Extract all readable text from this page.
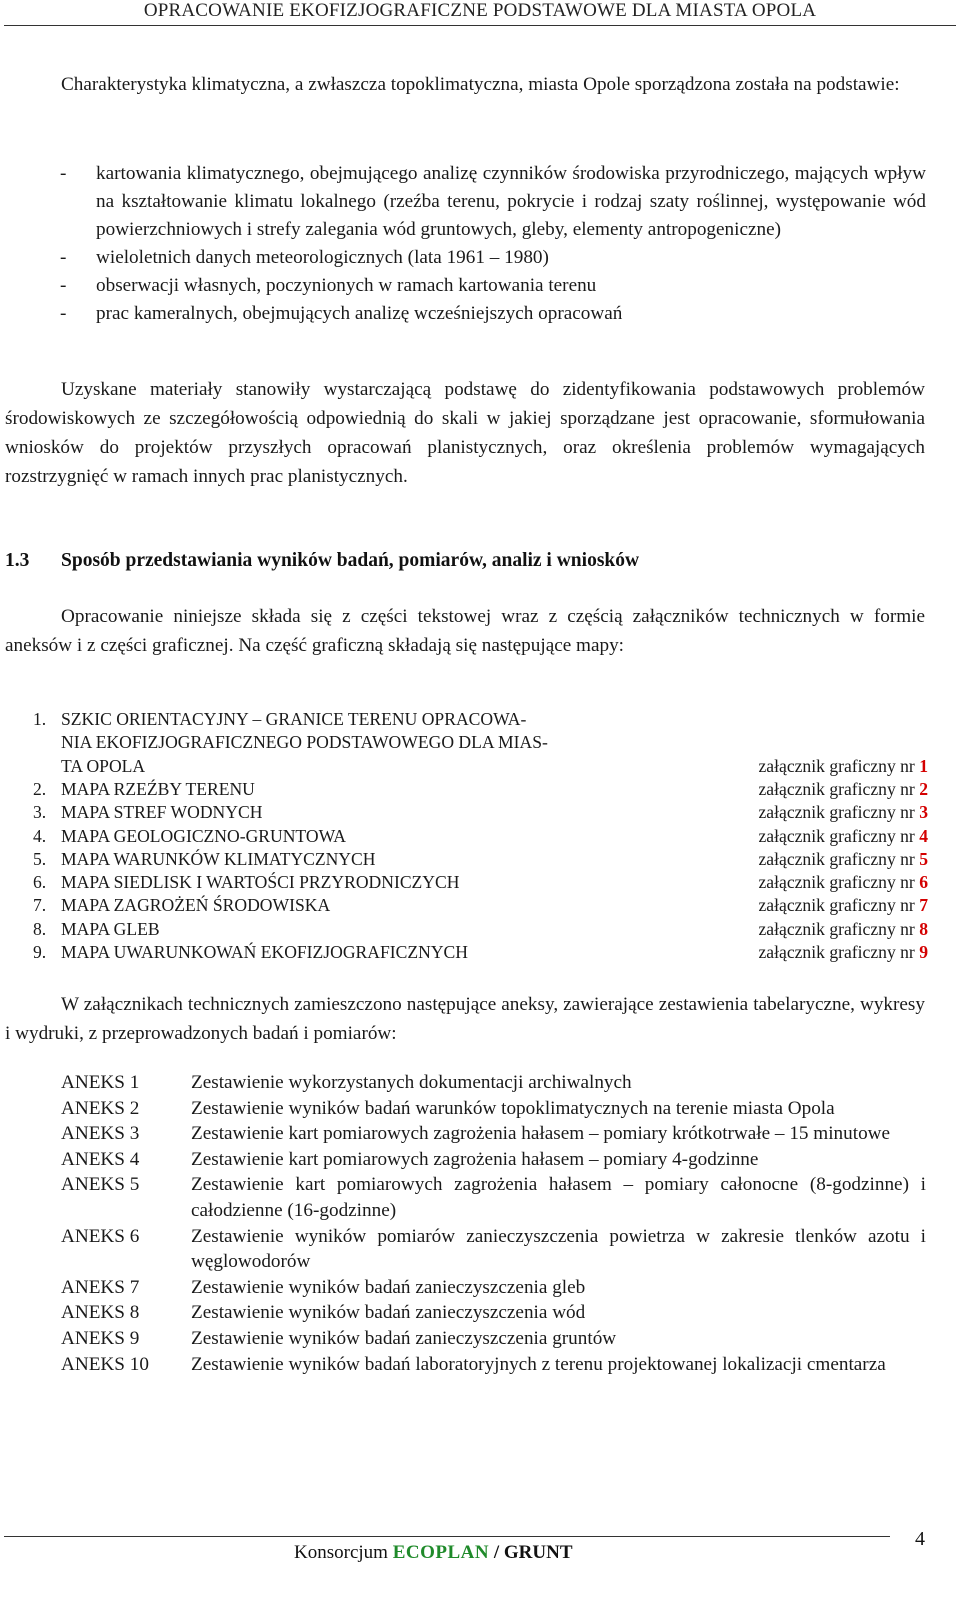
OPRACOWANIE EKOFIZJOGRAFICZNE PODSTAWOWE DLA MIASTA OPOLA
Charakterystyka klimatyczna, a zwłaszcza topoklimatyczna, miasta Opole sporządzona została na podstawie:
- kartowania klimatycznego, obejmującego analizę czynników środowiska przyrodniczego, mających wpływ na kształtowanie klimatu lokalnego (rzeźba terenu, pokrycie i rodzaj szaty roślinnej, występowanie wód powierzchniowych i strefy zalegania wód gruntowych, gleby, elementy antropogeniczne)
- wieloletnich danych meteorologicznych (lata 1961 – 1980)
- obserwacji własnych, poczynionych w ramach kartowania terenu
- prac kameralnych, obejmujących analizę wcześniejszych opracowań
Uzyskane materiały stanowiły wystarczającą podstawę do zidentyfikowania podstawowych problemów środowiskowych ze szczegółowością odpowiednią do skali w jakiej sporządzane jest opracowanie, sformułowania wniosków do projektów przyszłych opracowań planistycznych, oraz określenia problemów wymagających rozstrzygnięć w ramach innych prac planistycznych.
1.3 Sposób przedstawiania wyników badań, pomiarów, analiz i wniosków
Opracowanie niniejsze składa się z części tekstowej wraz z częścią załączników technicznych w formie aneksów i z części graficznej. Na część graficzną składają się następujące mapy:
1. SZKIC ORIENTACYJNY – GRANICE TERENU OPRACOWA-
NIA EKOFIZJOGRAFICZNEGO PODSTAWOWEGO DLA MIAS-
TA OPOLA	załącznik graficzny nr 1
2. MAPA RZEŹBY TERENU	załącznik graficzny nr 2
3. MAPA STREF WODNYCH	załącznik graficzny nr 3
4. MAPA GEOLOGICZNO-GRUNTOWA	załącznik graficzny nr 4
5. MAPA WARUNKÓW KLIMATYCZNYCH	załącznik graficzny nr 5
6. MAPA SIEDLISK I WARTOŚCI PRZYRODNICZYCH	załącznik graficzny nr 6
7. MAPA ZAGROŻEŃ ŚRODOWISKA	załącznik graficzny nr 7
8. MAPA GLEB	załącznik graficzny nr 8
9. MAPA UWARUNKOWAŃ EKOFIZJOGRAFICZNYCH	załącznik graficzny nr 9
W załącznikach technicznych zamieszczono następujące aneksy, zawierające zestawienia tabelaryczne, wykresy i wydruki, z przeprowadzonych badań i pomiarów:
ANEKS 1	Zestawienie wykorzystanych dokumentacji archiwalnych
ANEKS 2	Zestawienie wyników badań warunków topoklimatycznych na terenie miasta Opola
ANEKS 3	Zestawienie kart pomiarowych zagrożenia hałasem – pomiary krótkotrwałe – 15 minutowe
ANEKS 4	Zestawienie kart pomiarowych zagrożenia hałasem – pomiary 4-godzinne
ANEKS 5	Zestawienie kart pomiarowych zagrożenia hałasem – pomiary całonocne (8-godzinne) i całodzienne (16-godzinne)
ANEKS 6	Zestawienie wyników pomiarów zanieczyszczenia powietrza w zakresie tlenków azotu i węglowodorów
ANEKS 7	Zestawienie wyników badań zanieczyszczenia gleb
ANEKS 8	Zestawienie wyników badań zanieczyszczenia wód
ANEKS 9	Zestawienie wyników badań zanieczyszczenia gruntów
ANEKS 10 Zestawienie wyników badań laboratoryjnych z terenu projektowanej lokalizacji cmentarza
Konsorcjum ECOPLAN / GRUNT
4
